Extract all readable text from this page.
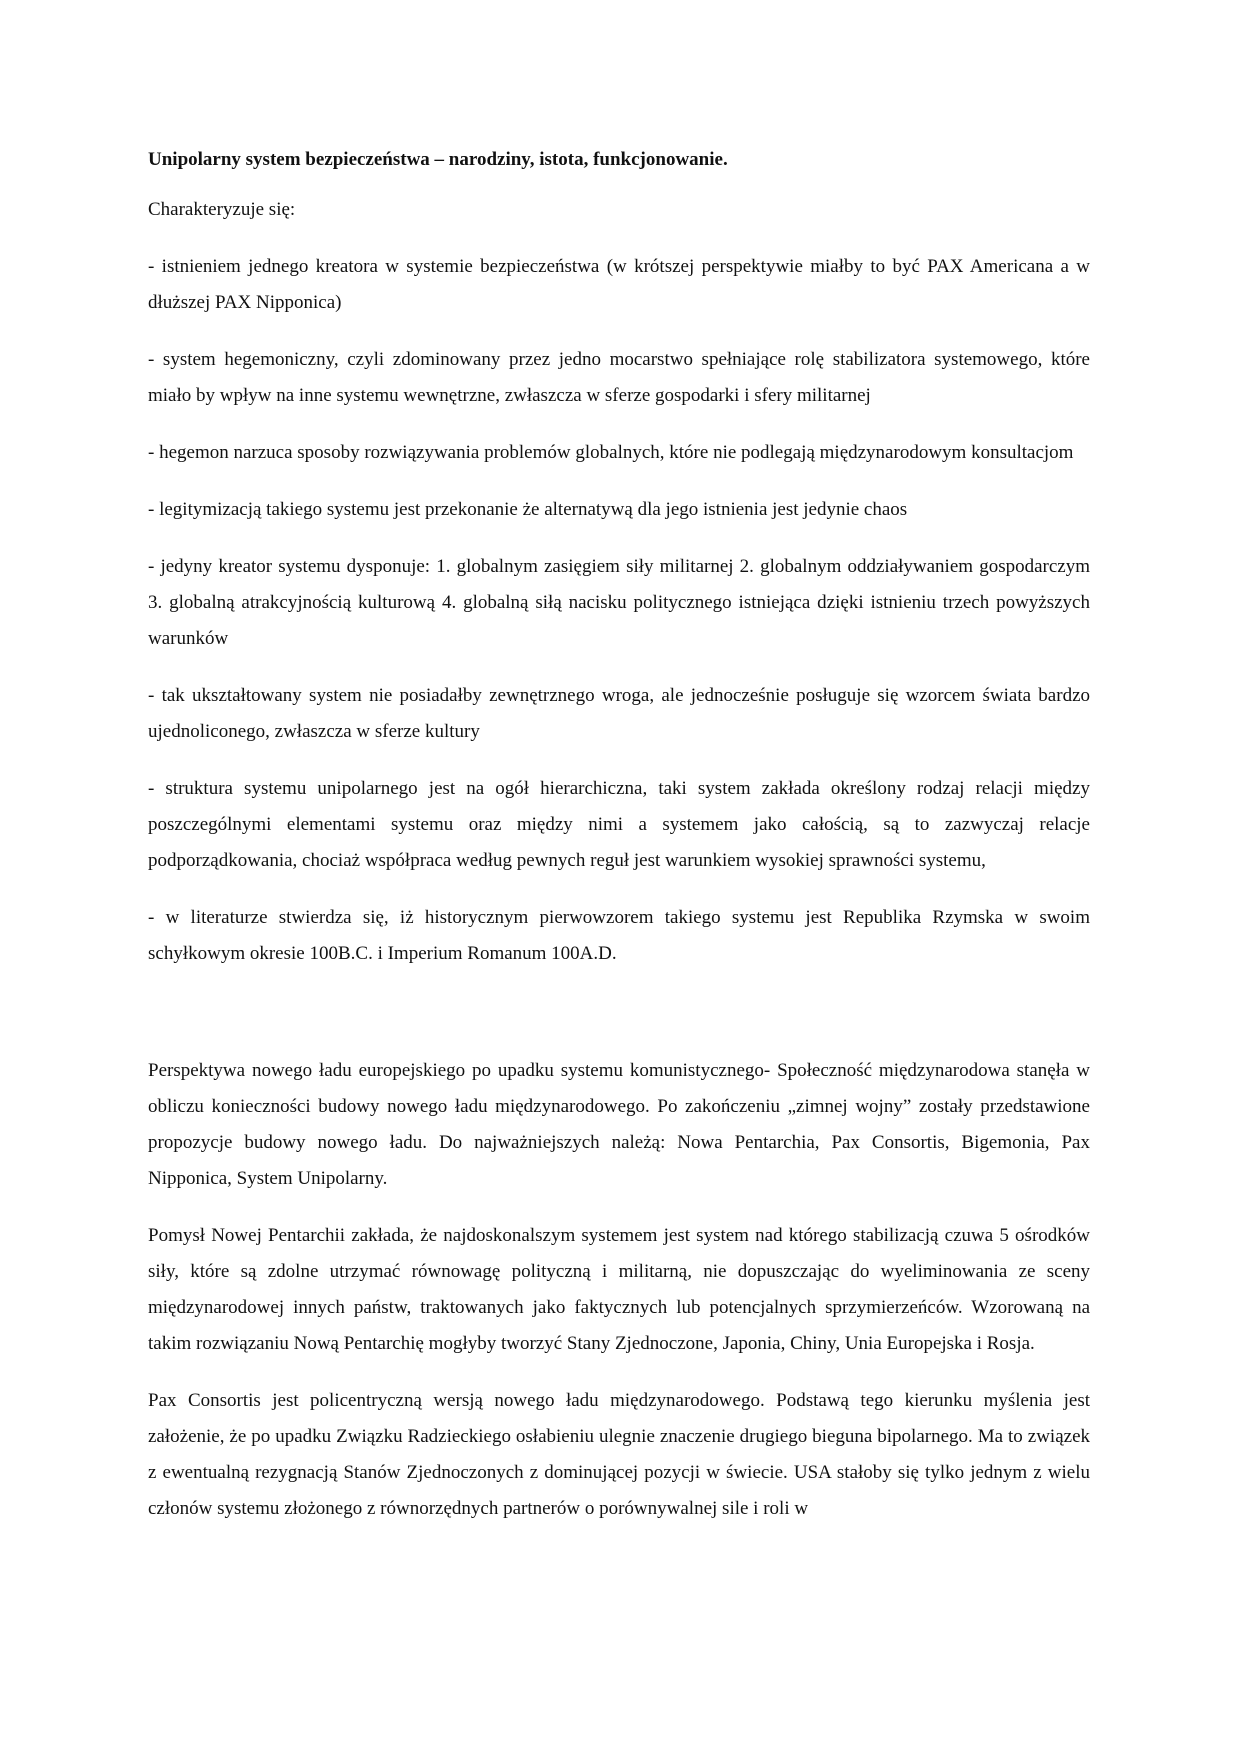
Unipolarny system bezpieczeństwa – narodziny, istota, funkcjonowanie.

Charakteryzuje się:

- istnieniem jednego kreatora w systemie bezpieczeństwa (w krótszej perspektywie miałby to być PAX Americana a w dłuższej PAX Nipponica)

- system hegemoniczny, czyli zdominowany przez jedno mocarstwo spełniające rolę stabilizatora systemowego, które miało by wpływ na inne systemu wewnętrzne, zwłaszcza w sferze gospodarki i sfery militarnej

- hegemon narzuca sposoby rozwiązywania problemów globalnych, które nie podlegają międzynarodowym konsultacjom

- legitymizacją takiego systemu jest przekonanie że alternatywą dla jego istnienia jest jedynie chaos

- jedyny kreator systemu dysponuje: 1. globalnym zasięgiem siły militarnej 2. globalnym oddziaływaniem gospodarczym 3. globalną atrakcyjnością kulturową 4. globalną siłą nacisku politycznego istniejąca dzięki istnieniu trzech powyższych warunków

- tak ukształtowany system nie posiadałby zewnętrznego wroga, ale jednocześnie posługuje się wzorcem świata bardzo ujednoliconego, zwłaszcza w sferze kultury

- struktura systemu unipolarnego jest na ogół hierarchiczna, taki system zakłada określony rodzaj relacji między poszczególnymi elementami systemu oraz między nimi a systemem jako całością, są to zazwyczaj relacje podporządkowania, chociaż współpraca według pewnych reguł jest warunkiem wysokiej sprawności systemu,

- w literaturze stwierdza się, iż historycznym pierwowzorem takiego systemu jest Republika Rzymska w swoim schyłkowym okresie 100B.C. i Imperium Romanum 100A.D.

Perspektywa nowego ładu europejskiego po upadku systemu komunistycznego- Społeczność międzynarodowa stanęła w obliczu konieczności budowy nowego ładu międzynarodowego. Po zakończeniu „zimnej wojny” zostały przedstawione propozycje budowy nowego ładu. Do najważniejszych należą: Nowa Pentarchia, Pax Consortis, Bigemonia, Pax Nipponica, System Unipolarny.

Pomysł Nowej Pentarchii zakłada, że najdoskonalszym systemem jest system nad którego stabilizacją czuwa 5 ośrodków siły, które są zdolne utrzymać równowagę polityczną i militarną, nie dopuszczając do wyeliminowania ze sceny międzynarodowej innych państw, traktowanych jako faktycznych lub potencjalnych sprzymierzeńców. Wzorowaną na takim rozwiązaniu Nową Pentarchię mogłyby tworzyć Stany Zjednoczone, Japonia, Chiny, Unia Europejska i Rosja.

Pax Consortis jest policentryczną wersją nowego ładu międzynarodowego. Podstawą tego kierunku myślenia jest założenie, że po upadku Związku Radzieckiego osłabieniu ulegnie znaczenie drugiego bieguna bipolarnego. Ma to związek z ewentualną rezygnacją Stanów Zjednoczonych z dominującej pozycji w świecie. USA stałoby się tylko jednym z wielu członów systemu złożonego z równorzędnych partnerów o porównywalnej sile i roli w
